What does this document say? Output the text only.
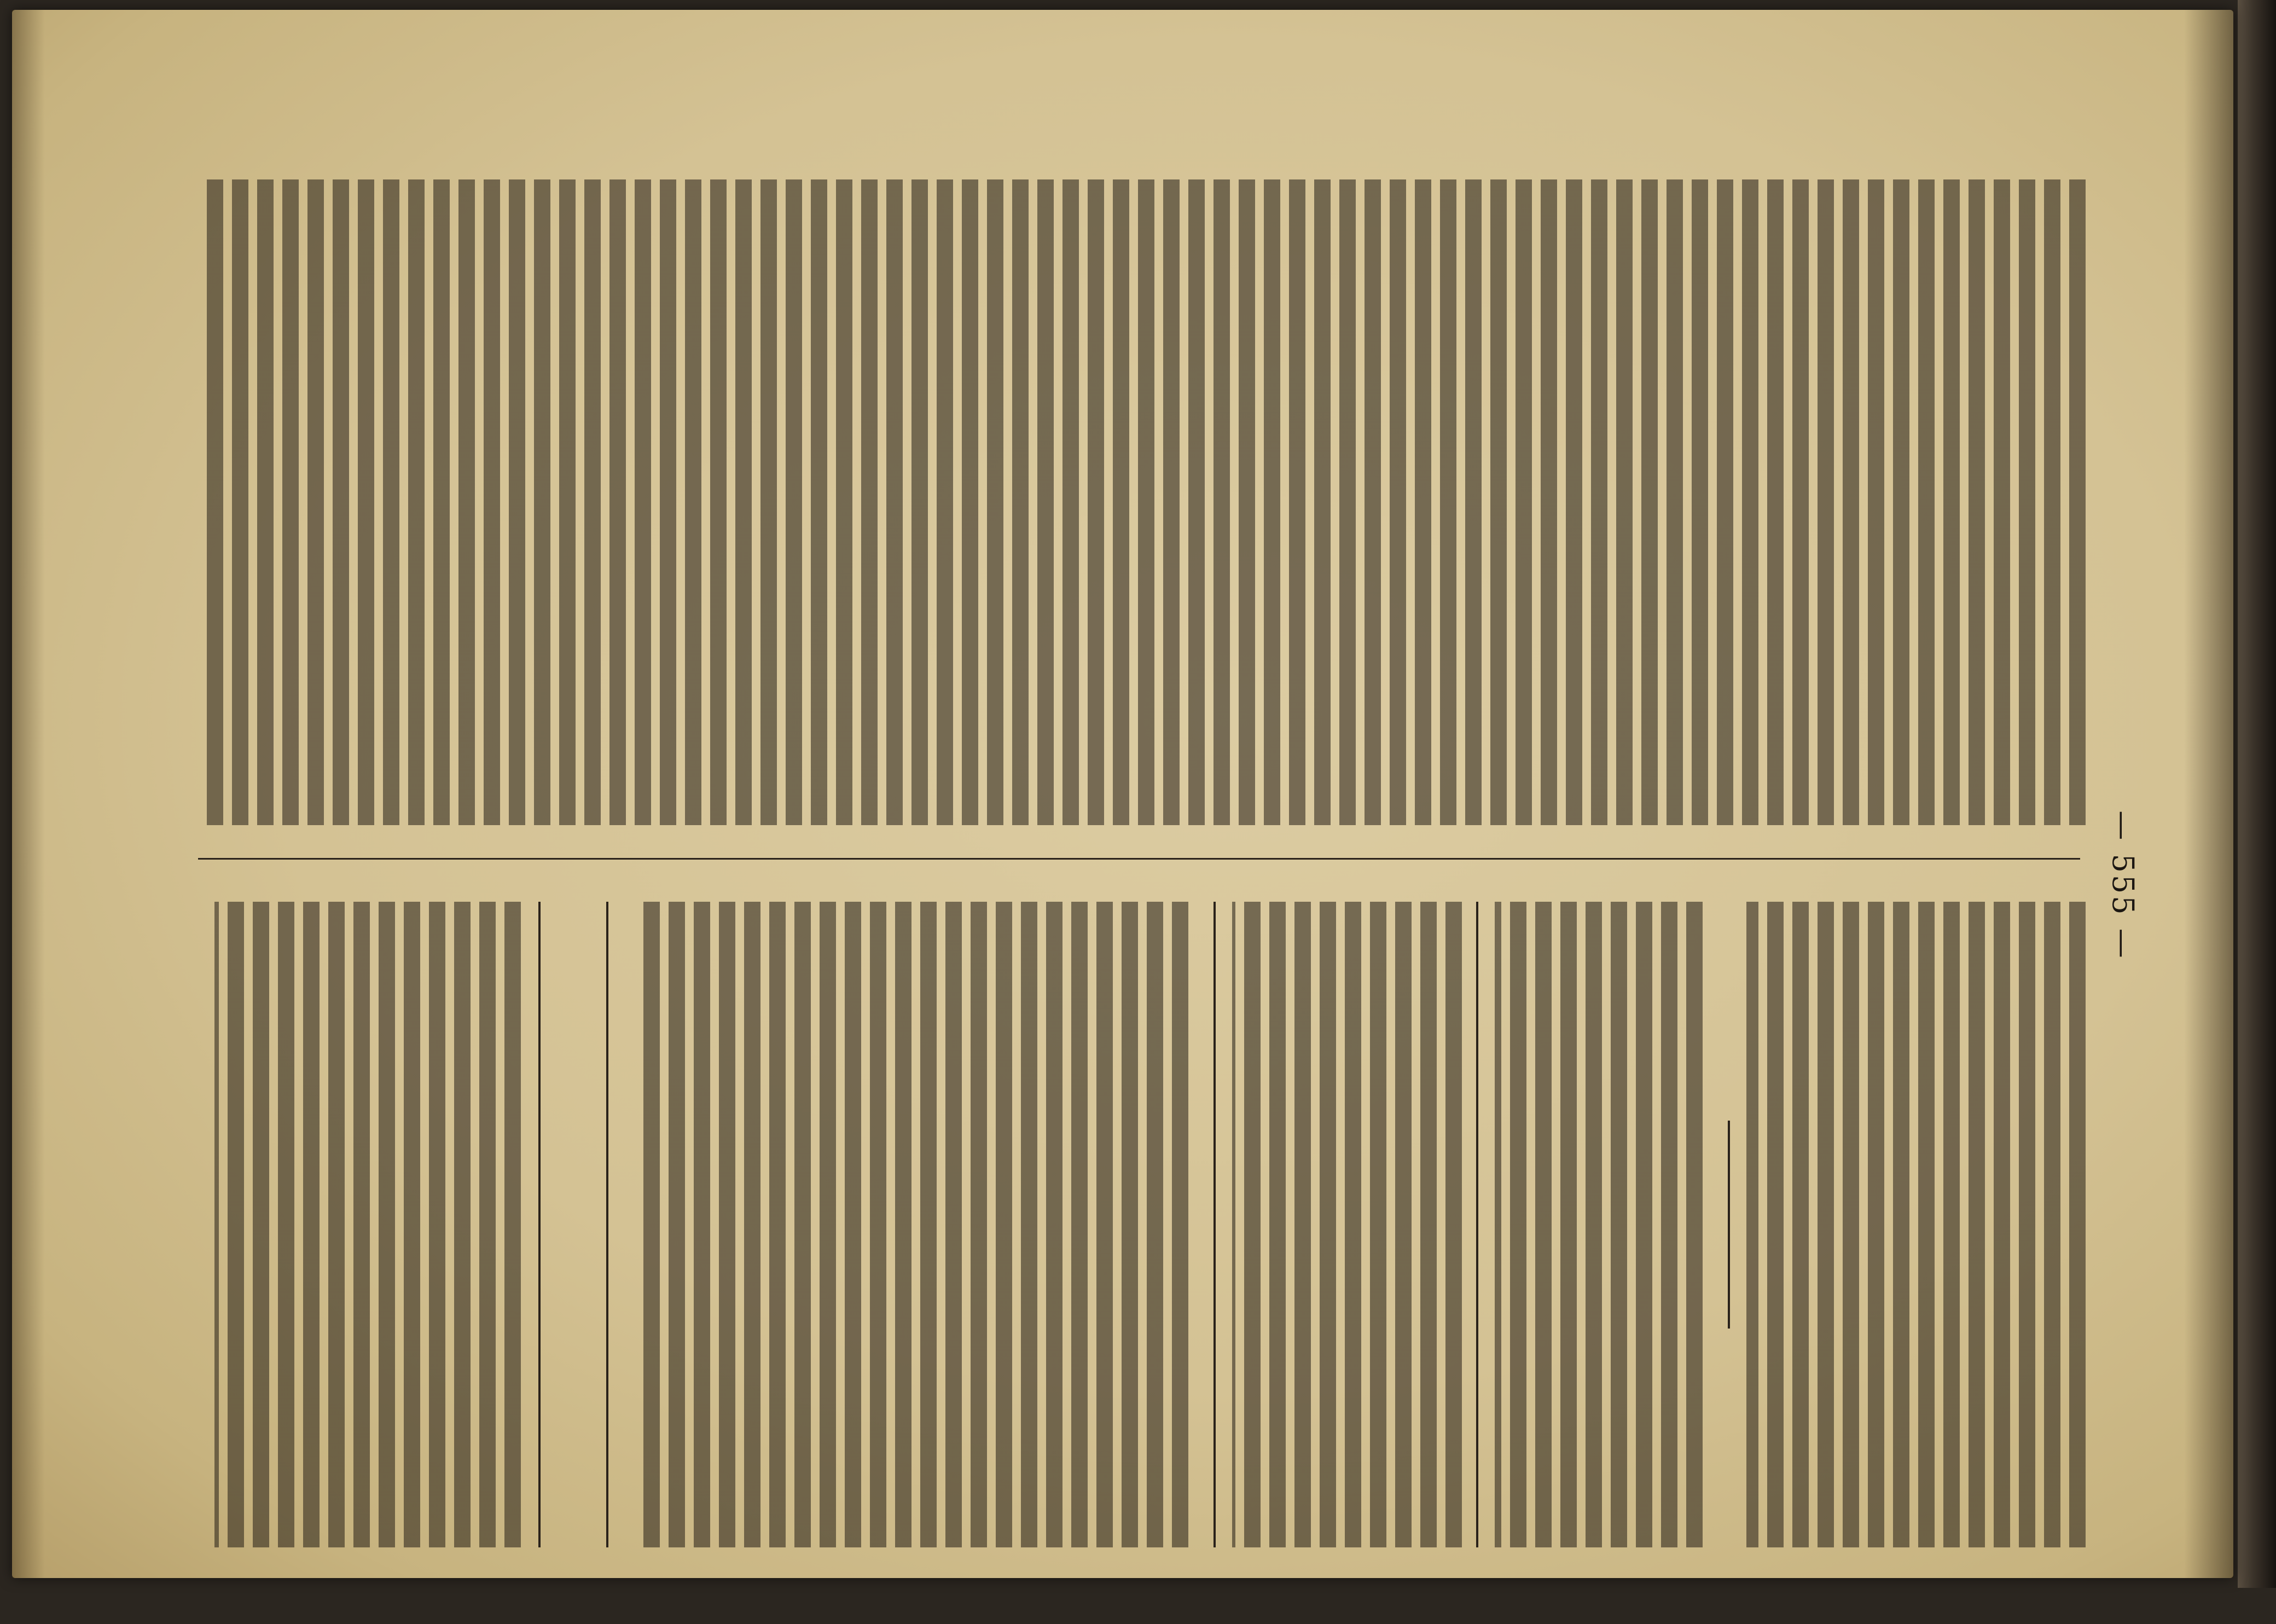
— 555 —
